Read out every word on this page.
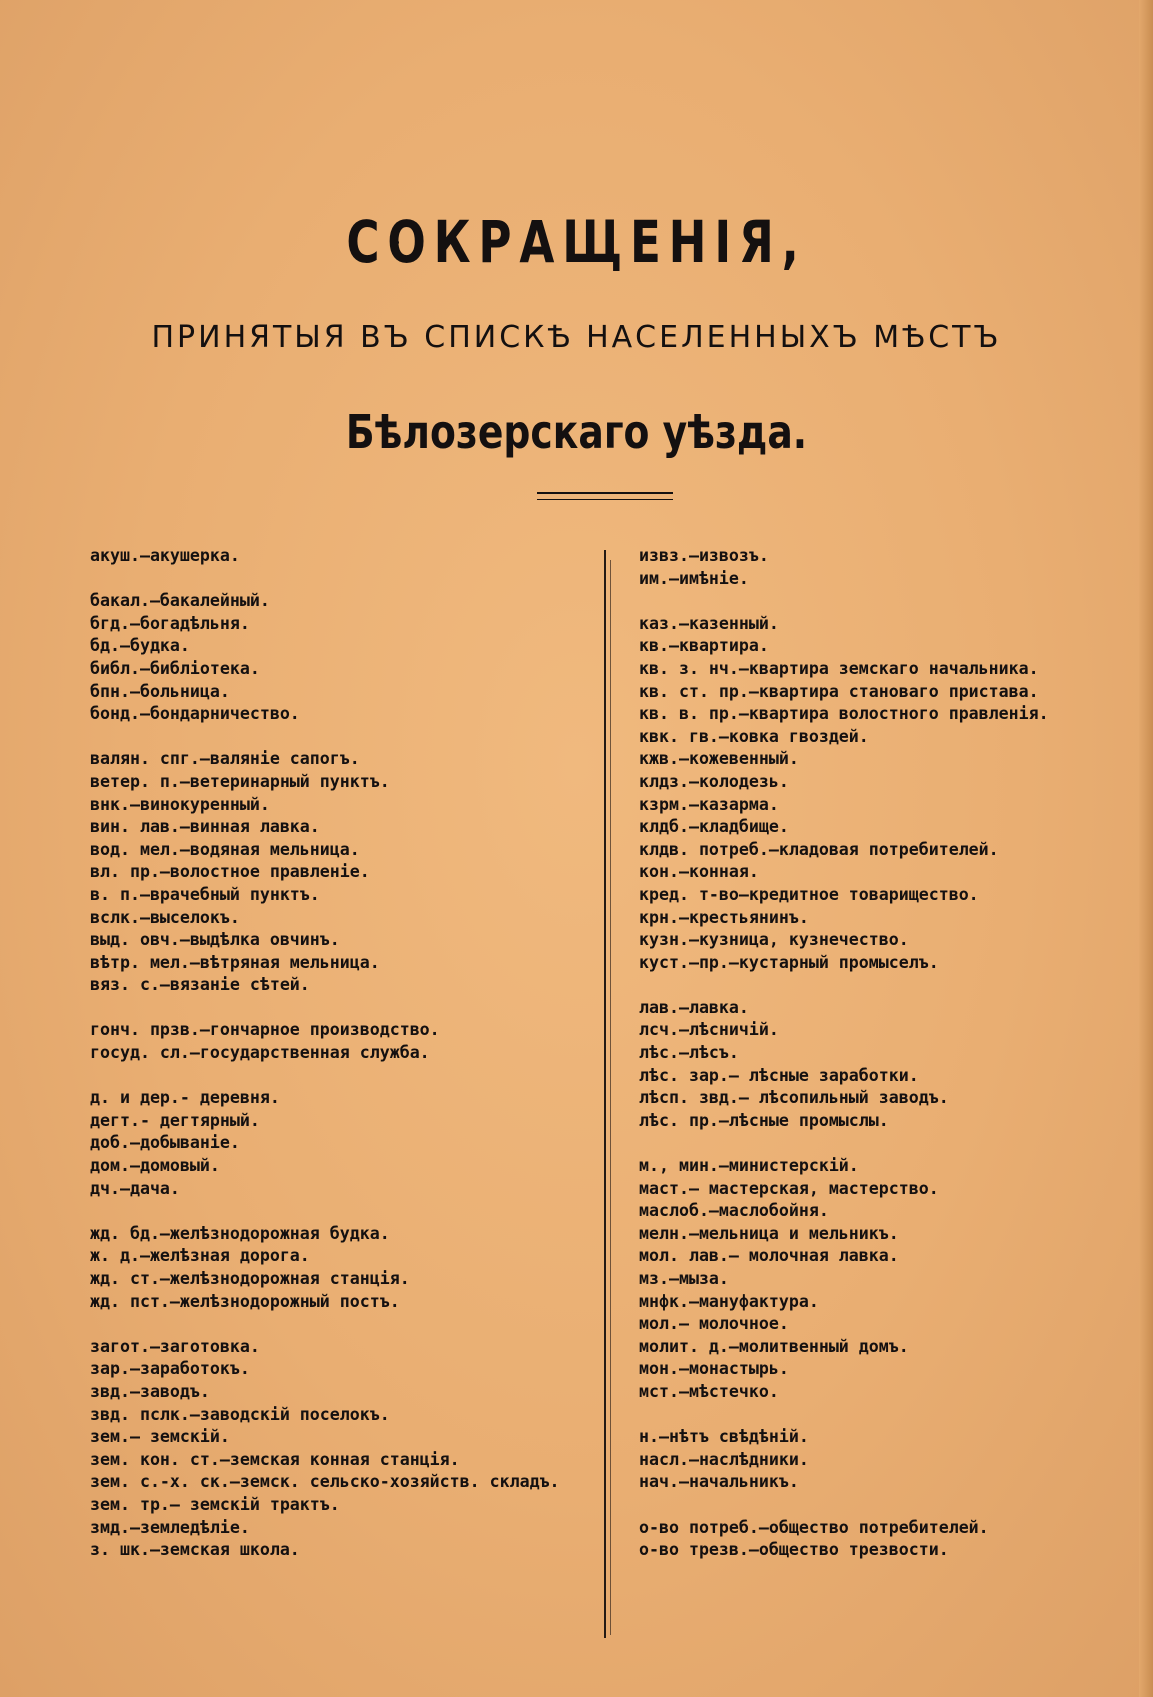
СОКРАЩЕНІЯ,
ПРИНЯТЫЯ ВЪ СПИСКѢ НАСЕЛЕННЫХЪ МѢСТЪ
Бѣлозерскаго уѣзда.
акуш.—акушерка.
бакал.—бакалейный.
бгд.—богадѣльня.
бд.—будка.
библ.—библіотека.
бпн.—больница.
бонд.—бондарничество.
валян. спг.—валяніе сапогъ.
ветер. п.—ветеринарный пунктъ.
внк.—винокуренный.
вин. лав.—винная лавка.
вод. мел.—водяная мельница.
вл. пр.—волостное правленіе.
в. п.—врачебный пунктъ.
вслк.—выселокъ.
выд. овч.—выдѣлка овчинъ.
вѣтр. мел.—вѣтряная мельница.
вяз. с.—вязаніе сѣтей.
гонч. прзв.—гончарное производство.
госуд. сл.—государственная служба.
д. и дер.- деревня.
дегт.- дегтярный.
доб.—добываніе.
дом.—домовый.
дч.—дача.
жд. бд.—желѣзнодорожная будка.
ж. д.—желѣзная дорога.
жд. ст.—желѣзнодорожная станція.
жд. пст.—желѣзнодорожный постъ.
загот.—заготовка.
зар.—заработокъ.
звд.—заводъ.
звд. пслк.—заводскій поселокъ.
зем.– земскій.
зем. кон. ст.—земская конная станція.
зем. с.-х. ск.—земск. сельско-хозяйств. складъ.
зем. тр.– земскій трактъ.
змд.—земледѣліе.
з. шк.—земская школа.
извз.—извозъ.
им.—имѣніе.
каз.—казенный.
кв.—квартира.
кв. з. нч.—квартира земскаго начальника.
кв. ст. пр.—квартира становаго пристава.
кв. в. пр.—квартира волостного правленія.
квк. гв.—ковка гвоздей.
кжв.—кожевенный.
клдз.—колодезь.
кзрм.—казарма.
клдб.—кладбище.
клдв. потреб.—кладовая потребителей.
кон.—конная.
кред. т-во—кредитное товарищество.
крн.—крестьянинъ.
кузн.—кузница, кузнечество.
куст.–пр.–кустарный промыселъ.
лав.—лавка.
лсч.—лѣсничій.
лѣс.—лѣсъ.
лѣс. зар.– лѣсные заработки.
лѣсп. звд.– лѣсопильный заводъ.
лѣс. пр.—лѣсные промыслы.
м., мин.—министерскій.
маст.– мастерская, мастерство.
маслоб.—маслобойня.
мелн.—мельница и мельникъ.
мол. лав.– молочная лавка.
мз.—мыза.
мнфк.—мануфактура.
мол.– молочное.
молит. д.—молитвенный домъ.
мон.—монастырь.
мст.—мѣстечко.
н.—нѣтъ свѣдѣній.
насл.—наслѣдники.
нач.—начальникъ.
о-во потреб.—общество потребителей.
о-во трезв.—общество трезвости.
